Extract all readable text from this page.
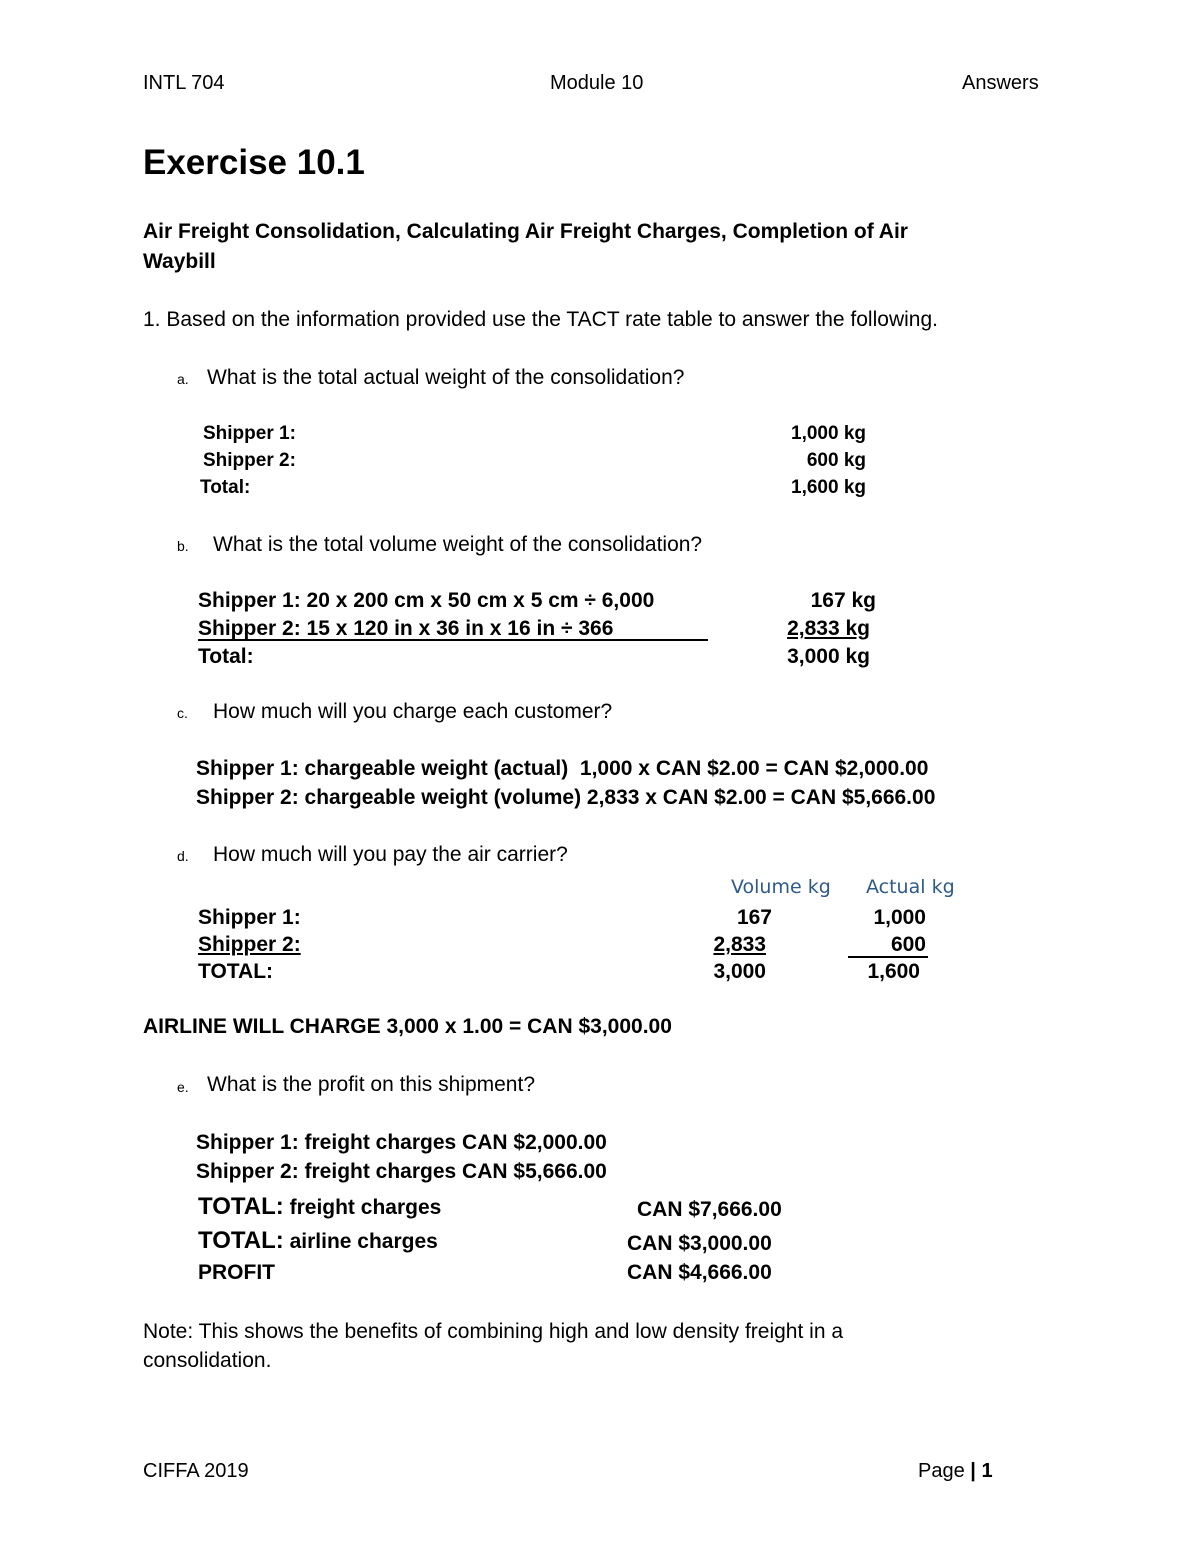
INTL 704	Module 10	Answers
Exercise 10.1
Air Freight Consolidation, Calculating Air Freight Charges, Completion of Air
Waybill
1. Based on the information provided use the TACT rate table to answer the following.
a. What is the total actual weight of the consolidation?
Shipper 1:	1,000 kg
Shipper 2:	600 kg
Total:	1,600 kg
b. What is the total volume weight of the consolidation?
Shipper 1: 20 x 200 cm x 50 cm x 5 cm ÷ 6,000	167 kg
Shipper 2: 15 x 120 in x 36 in x 16 in ÷ 366	2,833 kg
Total:	3,000 kg
c. How much will you charge each customer?
Shipper 1: chargeable weight (actual)  1,000 x CAN $2.00 = CAN $2,000.00
Shipper 2: chargeable weight (volume) 2,833 x CAN $2.00 = CAN $5,666.00
d. How much will you pay the air carrier?
Volume kg Actual kg
Shipper 1:	167	1,000
Shipper 2:	2,833	600
TOTAL:	3,000	1,600
AIRLINE WILL CHARGE 3,000 x 1.00 = CAN $3,000.00
e. What is the profit on this shipment?
Shipper 1: freight charges CAN $2,000.00
Shipper 2: freight charges CAN $5,666.00
TOTAL: freight charges	CAN $7,666.00
TOTAL: airline charges	CAN $3,000.00
PROFIT	CAN $4,666.00
Note: This shows the benefits of combining high and low density freight in a
consolidation.
CIFFA 2019	Page | 1
